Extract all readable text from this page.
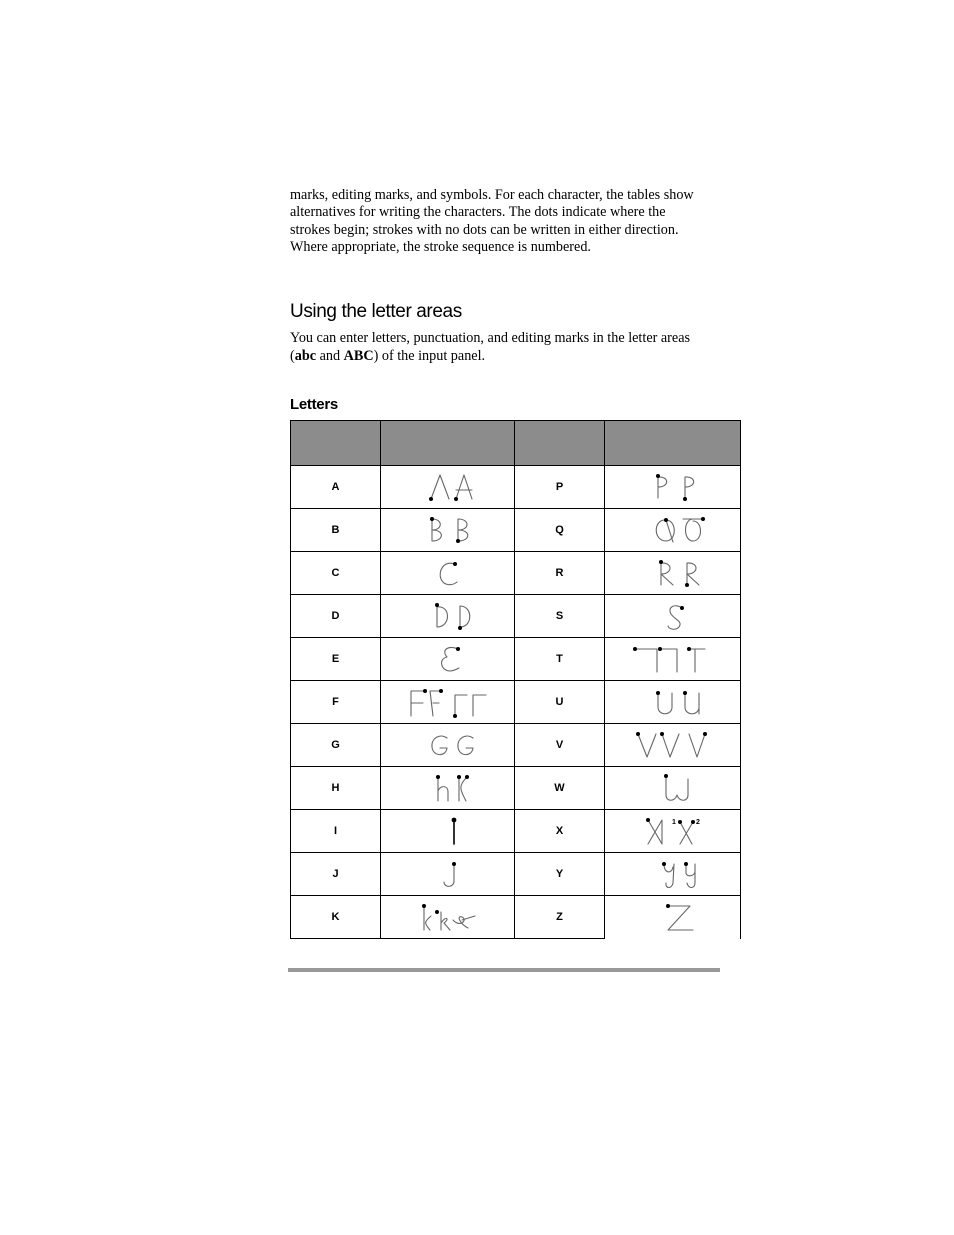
marks, editing marks, and symbols. For each character, the tables show alternatives for writing the characters. The dots indicate where the strokes begin; strokes with no dots can be written in either direction. Where appropriate, the stroke sequence is numbered.

Using the letter areas

You can enter letters, punctuation, and editing marks in the letter areas (abc and ABC) of the input panel.

Letters

A		P	

B		Q	

C		R	

D		S	

E		T	

F		U	

G		V	

H		W	

I		X	1 2

J		Y	

K		Z	
